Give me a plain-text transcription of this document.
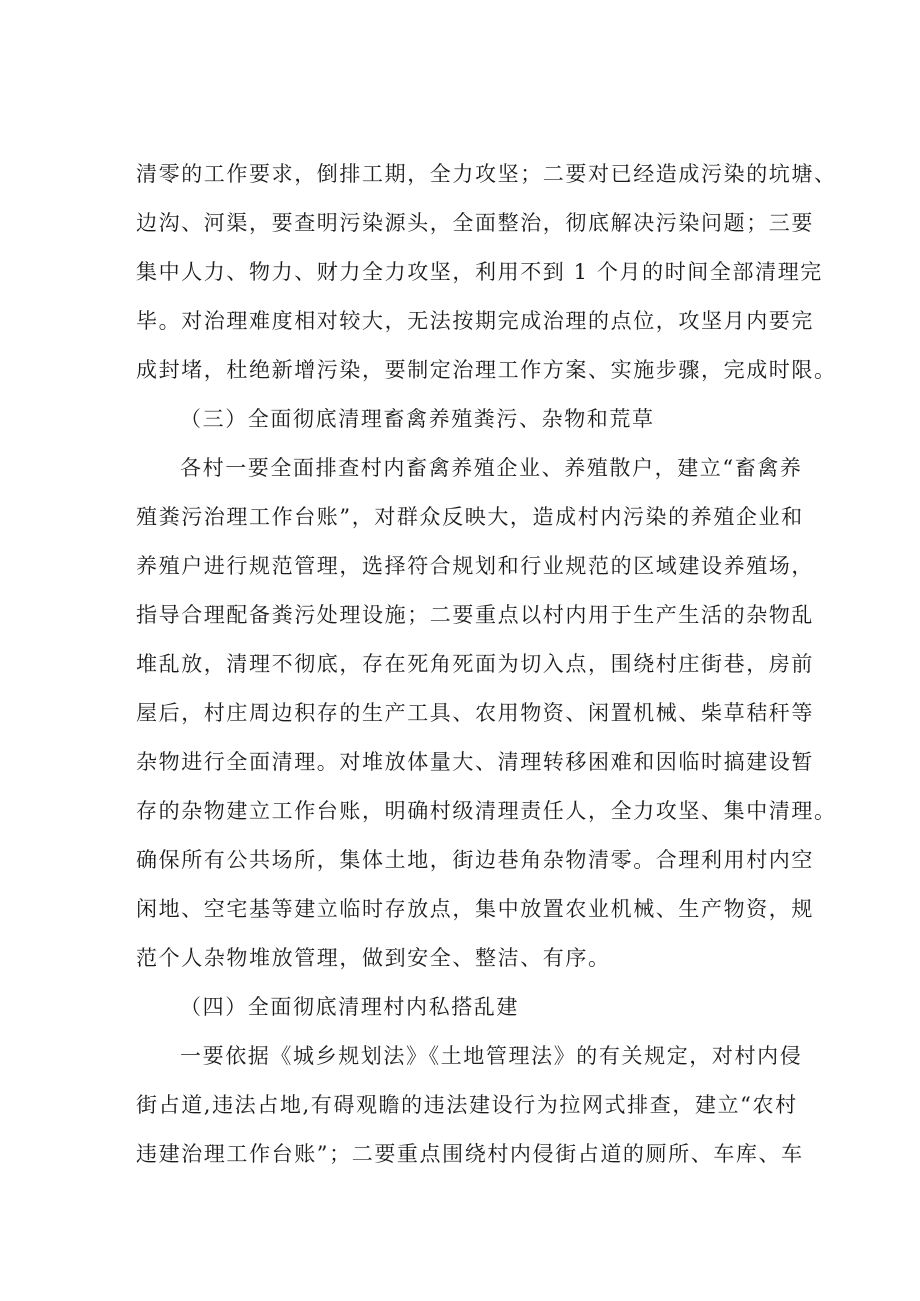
清零的工作要求，倒排工期，全力攻坚；二要对已经造成污染的坑塘、
边沟、河渠，要查明污染源头，全面整治，彻底解决污染问题；三要
集中人力、物力、财力全力攻坚，利用不到 1 个月的时间全部清理完
毕。对治理难度相对较大，无法按期完成治理的点位，攻坚月内要完
成封堵，杜绝新增污染，要制定治理工作方案、实施步骤，完成时限。
（三）全面彻底清理畜禽养殖粪污、杂物和荒草
各村一要全面排查村内畜禽养殖企业、养殖散户，建立“畜禽养
殖粪污治理工作台账”，对群众反映大，造成村内污染的养殖企业和
养殖户进行规范管理，选择符合规划和行业规范的区域建设养殖场，
指导合理配备粪污处理设施；二要重点以村内用于生产生活的杂物乱
堆乱放，清理不彻底，存在死角死面为切入点，围绕村庄街巷，房前
屋后，村庄周边积存的生产工具、农用物资、闲置机械、柴草秸秆等
杂物进行全面清理。对堆放体量大、清理转移困难和因临时搞建设暂
存的杂物建立工作台账，明确村级清理责任人，全力攻坚、集中清理。
确保所有公共场所，集体土地，街边巷角杂物清零。合理利用村内空
闲地、空宅基等建立临时存放点，集中放置农业机械、生产物资，规
范个人杂物堆放管理，做到安全、整洁、有序。
（四）全面彻底清理村内私搭乱建
一要依据《城乡规划法》《土地管理法》的有关规定，对村内侵
街占道,违法占地,有碍观瞻的违法建设行为拉网式排查，建立“农村
违建治理工作台账”；二要重点围绕村内侵街占道的厕所、车库、车
